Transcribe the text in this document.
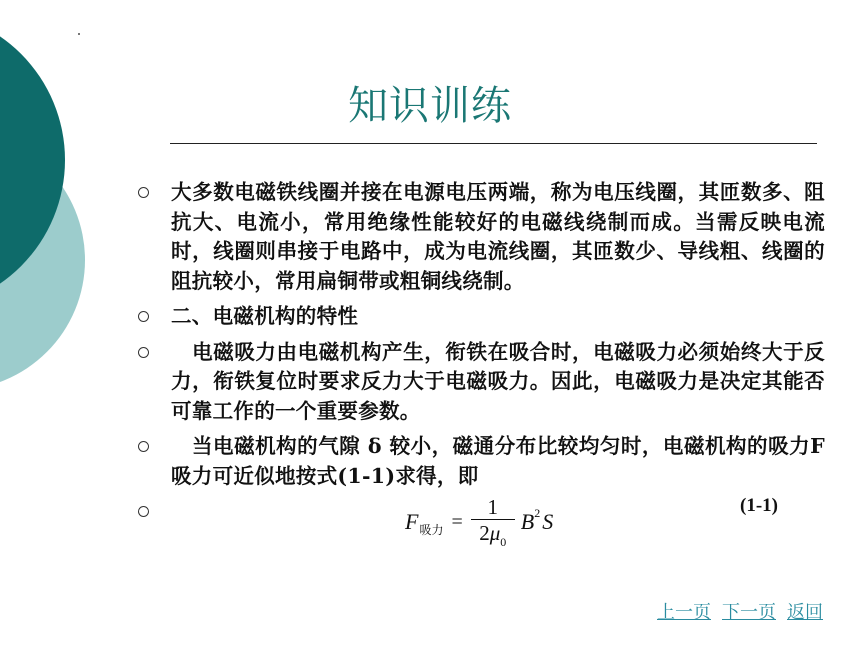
知识训练
大多数电磁铁线圈并接在电源电压两端，称为电压线圈，其匝数多、阻抗大、电流小，常用绝缘性能较好的电磁线绕制而成。当需反映电流时，线圈则串接于电路中，成为电流线圈，其匝数少、导线粗、线圈的阻抗较小，常用扁铜带或粗铜线绕制。
二、电磁机构的特性
　电磁吸力由电磁机构产生，衔铁在吸合时，电磁吸力必须始终大于反力，衔铁复位时要求反力大于电磁吸力。因此，电磁吸力是决定其能否可靠工作的一个重要参数。
　当电磁机构的气隙 δ 较小，磁通分布比较均匀时，电磁机构的吸力F吸力可近似地按式(1-1)求得，即
F 吸力 = $\frac{1}{2\mu_0}$ B 2 S
(1-1)
上一页 下一页 返回
